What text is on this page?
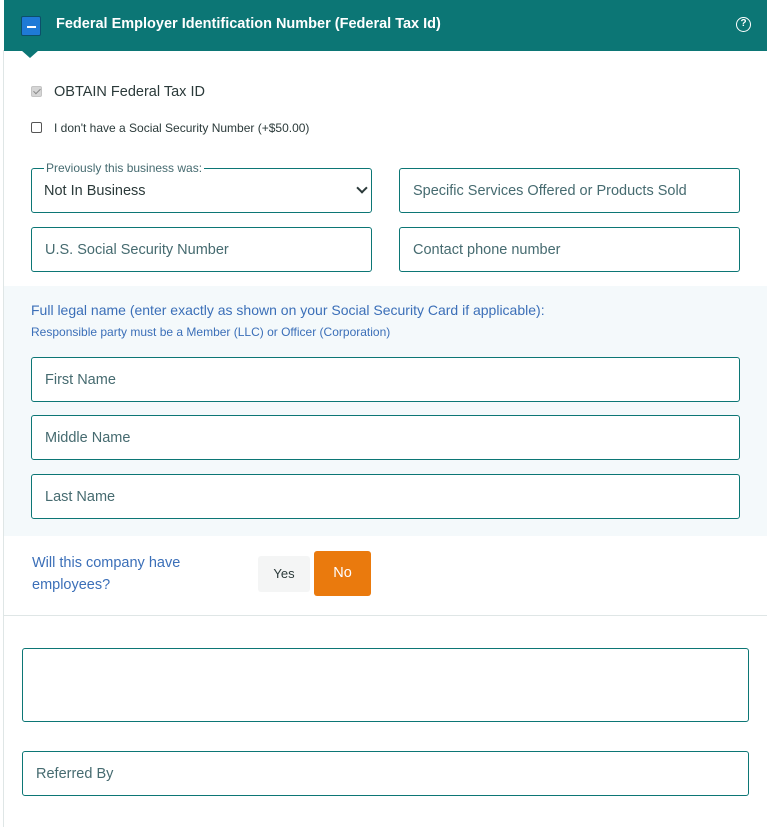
Federal Employer Identification Number (Federal Tax Id)	?
OBTAIN Federal Tax ID
I don't have a Social Security Number (+$50.00)
Previously this business was:
Not In Business	Specific Services Offered or Products Sold
U.S. Social Security Number	Contact phone number
Full legal name (enter exactly as shown on your Social Security Card if applicable):
Responsible party must be a Member (LLC) or Officer (Corporation)
First Name
Middle Name
Last Name
Will this company have employees?
Yes	No
Referred By
